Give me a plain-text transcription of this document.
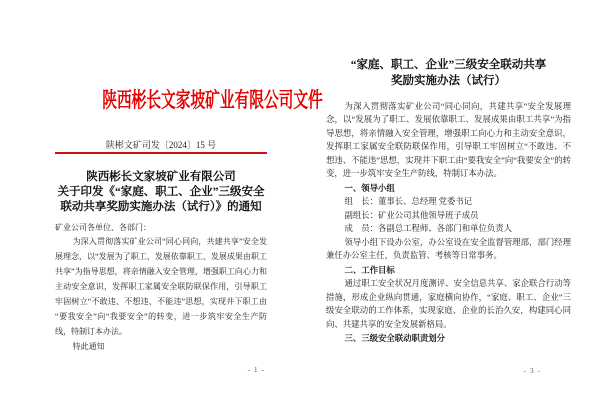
陕西彬长文家坡矿业有限公司文件
陕彬文矿司发〔2024〕15 号
陕西彬长文家坡矿业有限公司
关于印发《“家庭、职工、企业”三级安全
联动共享奖励实施办法（试行）》的通知
矿业公司各单位、各部门：

为深入贯彻落实矿业公司“同心同向，共建共享”安全发展理念，以“发展为了职工、发展依靠职工、发展成果由职工共享”为指导思想，将亲情融入安全管理，增强职工向心力和主动安全意识，发挥职工家属安全联防联保作用，引导职工牢固树立“不敢违、不想违、不能违”思想，实现井下职工由“要我安全”向“我要安全”的转变，进一步筑牢安全生产防线，特制订本办法。

特此通知

- 1 -
“家庭、职工、企业”三级安全联动共享
奖励实施办法（试行）

为深入贯彻落实矿业公司“同心同向，共建共享”安全发展理念，以“发展为了职工、发展依靠职工、发展成果由职工共享”为指导思想，将亲情融入安全管理，增强职工向心力和主动安全意识，发挥职工家属安全联防联保作用，引导职工牢固树立“不敢违、不想违、不能违”思想，实现井下职工由“要我安全”向“我要安全”的转变，进一步筑牢安全生产防线，特制订本办法。

一、领导小组

组　长：董事长、总经理 党委书记

副组长：矿业公司其他领导班子成员

成　员：各副总工程师、各部门和单位负责人

领导小组下设办公室，办公室设在安全监督管理部，部门经理兼任办公室主任，负责监管、考核等日常事务。

二、工作目标

通过职工安全状况月度测评、安全信息共享、家企联合行动等措施，形成企业纵向贯通，家庭横向协作，“家庭、职工、企业”三级安全联动的工作体系，实现家庭、企业的长治久安，构建同心同向、共建共享的安全发展新格局。

三、三级安全联动职责划分

- 3 -
